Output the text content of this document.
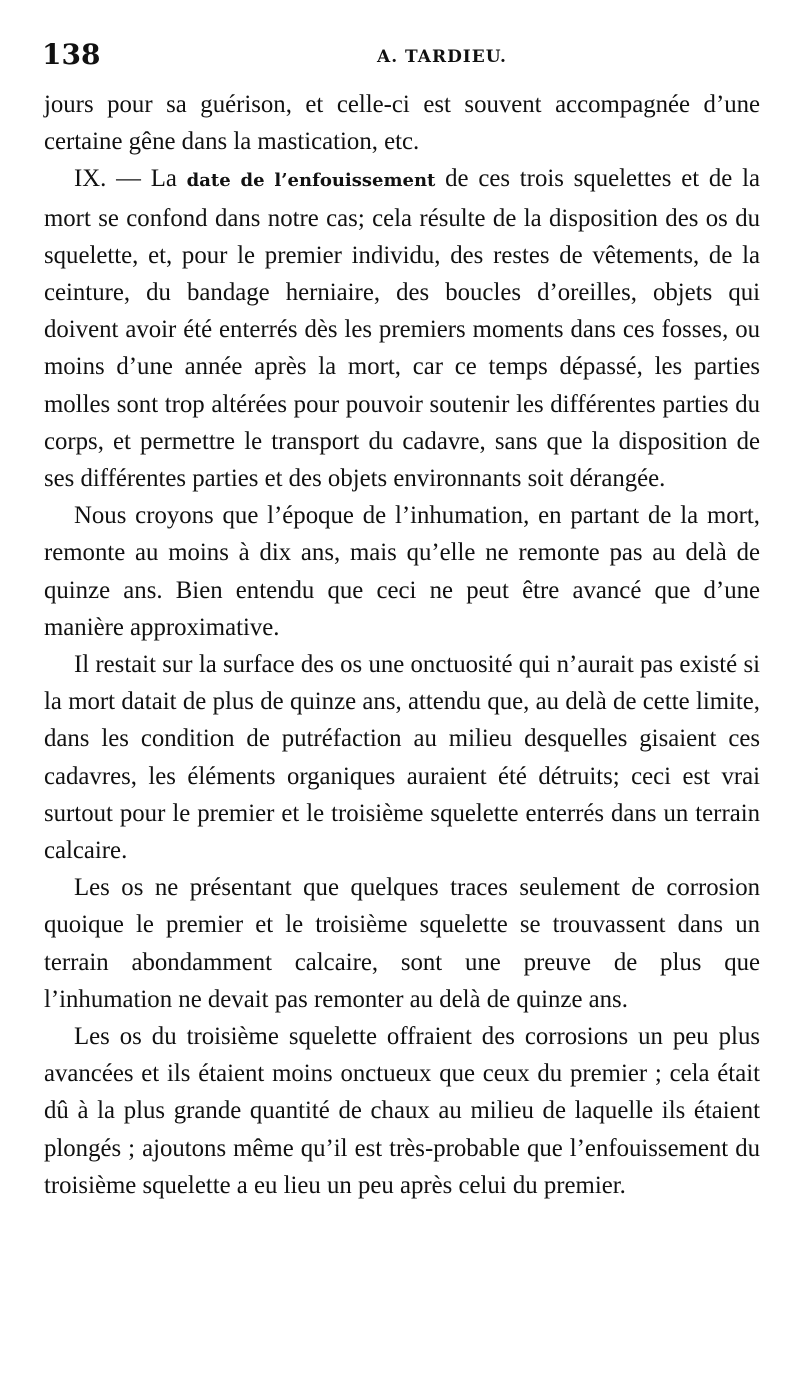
138	A. TARDIEU.

jours pour sa guérison, et celle-ci est souvent accompagnée d’une certaine gêne dans la mastication, etc.

IX. — La date de l’enfouissement de ces trois squelettes et de la mort se confond dans notre cas; cela résulte de la disposition des os du squelette, et, pour le premier individu, des restes de vêtements, de la ceinture, du bandage herniaire, des boucles d’oreilles, objets qui doivent avoir été enterrés dès les premiers moments dans ces fosses, ou moins d’une année après la mort, car ce temps dépassé, les parties molles sont trop altérées pour pouvoir soutenir les différentes parties du corps, et permettre le transport du cadavre, sans que la disposition de ses différentes parties et des objets environnants soit dérangée.

Nous croyons que l’époque de l’inhumation, en partant de la mort, remonte au moins à dix ans, mais qu’elle ne remonte pas au delà de quinze ans. Bien entendu que ceci ne peut être avancé que d’une manière approximative.

Il restait sur la surface des os une onctuosité qui n’aurait pas existé si la mort datait de plus de quinze ans, attendu que, au delà de cette limite, dans les condition de putréfaction au milieu desquelles gisaient ces cadavres, les éléments organiques auraient été détruits; ceci est vrai surtout pour le premier et le troisième squelette enterrés dans un terrain calcaire.

Les os ne présentant que quelques traces seulement de corrosion quoique le premier et le troisième squelette se trouvassent dans un terrain abondamment calcaire, sont une preuve de plus que l’inhumation ne devait pas remonter au delà de quinze ans.

Les os du troisième squelette offraient des corrosions un peu plus avancées et ils étaient moins onctueux que ceux du premier ; cela était dû à la plus grande quantité de chaux au milieu de laquelle ils étaient plongés ; ajoutons même qu’il est très-probable que l’enfouissement du troisième squelette a eu lieu un peu après celui du premier.
